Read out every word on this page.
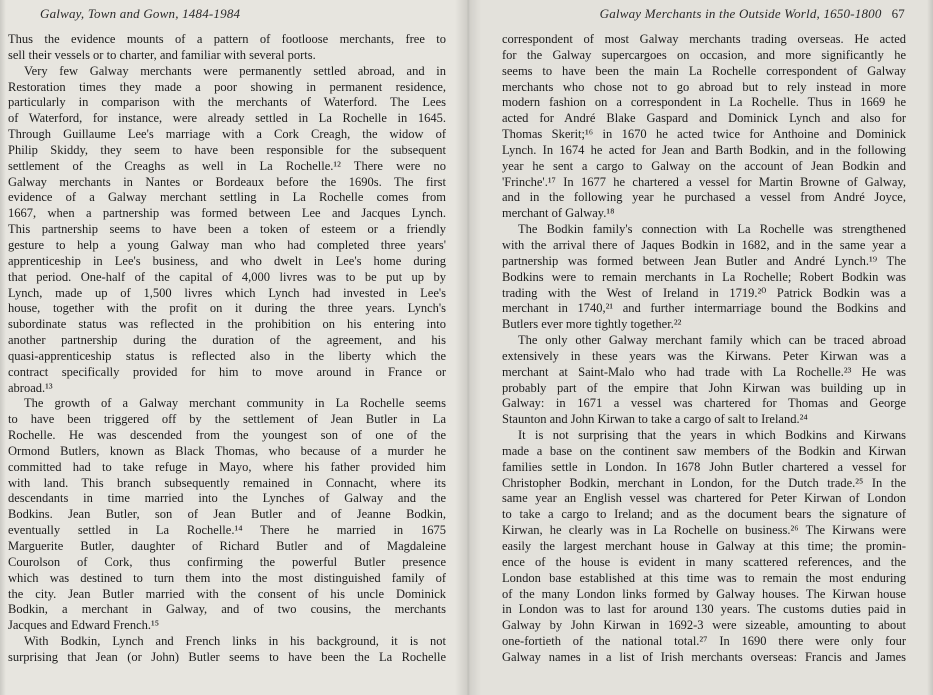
Galway, Town and Gown, 1484-1984
Thus the evidence mounts of a pattern of footloose merchants, free to
sell their vessels or to charter, and familiar with several ports.
Very few Galway merchants were permanently settled abroad, and in
Restoration times they made a poor showing in permanent residence,
particularly in comparison with the merchants of Waterford. The Lees
of Waterford, for instance, were already settled in La Rochelle in 1645.
Through Guillaume Lee's marriage with a Cork Creagh, the widow of
Philip Skiddy, they seem to have been responsible for the subsequent
settlement of the Creaghs as well in La Rochelle.¹² There were no
Galway merchants in Nantes or Bordeaux before the 1690s. The first
evidence of a Galway merchant settling in La Rochelle comes from
1667, when a partnership was formed between Lee and Jacques Lynch.
This partnership seems to have been a token of esteem or a friendly
gesture to help a young Galway man who had completed three years'
apprenticeship in Lee's business, and who dwelt in Lee's home during
that period. One-half of the capital of 4,000 livres was to be put up by
Lynch, made up of 1,500 livres which Lynch had invested in Lee's
house, together with the profit on it during the three years. Lynch's
subordinate status was reflected in the prohibition on his entering into
another partnership during the duration of the agreement, and his
quasi-apprenticeship status is reflected also in the liberty which the
contract specifically provided for him to move around in France or
abroad.¹³
The growth of a Galway merchant community in La Rochelle seems
to have been triggered off by the settlement of Jean Butler in La
Rochelle. He was descended from the youngest son of one of the
Ormond Butlers, known as Black Thomas, who because of a murder he
committed had to take refuge in Mayo, where his father provided him
with land. This branch subsequently remained in Connacht, where its
descendants in time married into the Lynches of Galway and the
Bodkins. Jean Butler, son of Jean Butler and of Jeanne Bodkin,
eventually settled in La Rochelle.¹⁴ There he married in 1675
Marguerite Butler, daughter of Richard Butler and of Magdaleine
Courolson of Cork, thus confirming the powerful Butler presence
which was destined to turn them into the most distinguished family of
the city. Jean Butler married with the consent of his uncle Dominick
Bodkin, a merchant in Galway, and of two cousins, the merchants
Jacques and Edward French.¹⁵
With Bodkin, Lynch and French links in his background, it is not
surprising that Jean (or John) Butler seems to have been the La Rochelle
Galway Merchants in the Outside World, 1650-1800 67
correspondent of most Galway merchants trading overseas. He acted
for the Galway supercargoes on occasion, and more significantly he
seems to have been the main La Rochelle correspondent of Galway
merchants who chose not to go abroad but to rely instead in more
modern fashion on a correspondent in La Rochelle. Thus in 1669 he
acted for André Blake Gaspard and Dominick Lynch and also for
Thomas Skerit;¹⁶ in 1670 he acted twice for Anthoine and Dominick
Lynch. In 1674 he acted for Jean and Barth Bodkin, and in the following
year he sent a cargo to Galway on the account of Jean Bodkin and
'Frinche'.¹⁷ In 1677 he chartered a vessel for Martin Browne of Galway,
and in the following year he purchased a vessel from André Joyce,
merchant of Galway.¹⁸
The Bodkin family's connection with La Rochelle was strengthened
with the arrival there of Jaques Bodkin in 1682, and in the same year a
partnership was formed between Jean Butler and André Lynch.¹⁹ The
Bodkins were to remain merchants in La Rochelle; Robert Bodkin was
trading with the West of Ireland in 1719.²⁰ Patrick Bodkin was a
merchant in 1740,²¹ and further intermarriage bound the Bodkins and
Butlers ever more tightly together.²²
The only other Galway merchant family which can be traced abroad
extensively in these years was the Kirwans. Peter Kirwan was a
merchant at Saint-Malo who had trade with La Rochelle.²³ He was
probably part of the empire that John Kirwan was building up in
Galway: in 1671 a vessel was chartered for Thomas and George
Staunton and John Kirwan to take a cargo of salt to Ireland.²⁴
It is not surprising that the years in which Bodkins and Kirwans
made a base on the continent saw members of the Bodkin and Kirwan
families settle in London. In 1678 John Butler chartered a vessel for
Christopher Bodkin, merchant in London, for the Dutch trade.²⁵ In the
same year an English vessel was chartered for Peter Kirwan of London
to take a cargo to Ireland; and as the document bears the signature of
Kirwan, he clearly was in La Rochelle on business.²⁶ The Kirwans were
easily the largest merchant house in Galway at this time; the promin-
ence of the house is evident in many scattered references, and the
London base established at this time was to remain the most enduring
of the many London links formed by Galway houses. The Kirwan house
in London was to last for around 130 years. The customs duties paid in
Galway by John Kirwan in 1692-3 were sizeable, amounting to about
one-fortieth of the national total.²⁷ In 1690 there were only four
Galway names in a list of Irish merchants overseas: Francis and James
